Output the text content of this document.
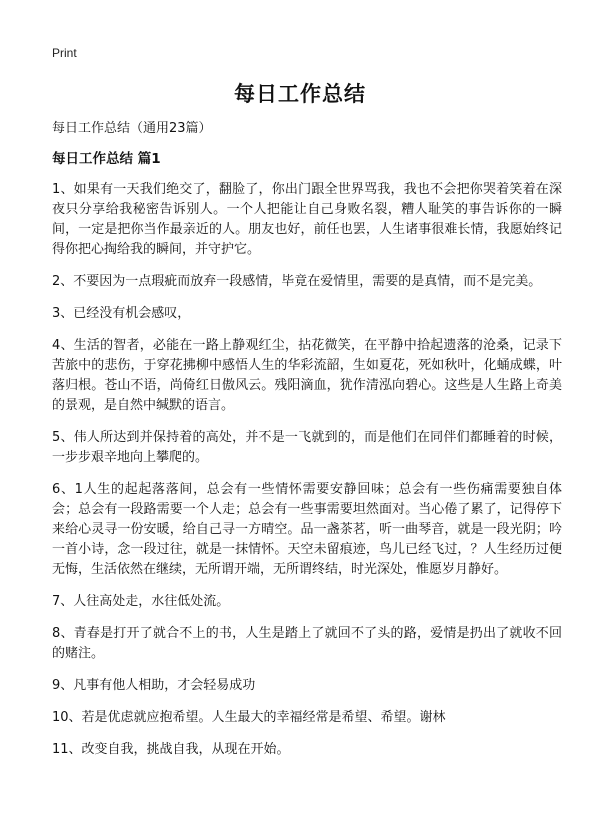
Print
每日工作总结
每日工作总结（通用23篇）
每日工作总结 篇1

1、如果有一天我们绝交了，翻脸了，你出门跟全世界骂我，我也不会把你哭着笑着在深夜只分享给我秘密告诉别人。一个人把能让自己身败名裂，糟人耻笑的事告诉你的一瞬间，一定是把你当作最亲近的人。朋友也好，前任也罢，人生诸事很难长情，我愿始终记得你把心掏给我的瞬间，并守护它。

2、不要因为一点瑕疵而放弃一段感情，毕竟在爱情里，需要的是真情，而不是完美。

3、已经没有机会感叹，

4、生活的智者，必能在一路上静观红尘，拈花微笑，在平静中拾起遗落的沧桑，记录下苦旅中的悲伤，于穿花拂柳中感悟人生的华彩流韶，生如夏花，死如秋叶，化蛹成蝶，叶落归根。苍山不语，尚倚红日傲风云。残阳滴血，犹作清泓向碧心。这些是人生路上奇美的景观，是自然中缄默的语言。

5、伟人所达到并保持着的高处，并不是一飞就到的，而是他们在同伴们都睡着的时候，一步步艰辛地向上攀爬的。

6、1人生的起起落落间，总会有一些情怀需要安静回味；总会有一些伤痛需要独自体会；总会有一段路需要一个人走；总会有一些事需要坦然面对。当心倦了累了，记得停下来给心灵寻一份安暖，给自己寻一方晴空。品一盏茶茗，听一曲琴音，就是一段光阴；吟一首小诗，念一段过往，就是一抹情怀。天空未留痕迹，鸟儿已经飞过，？人生经历过便无悔，生活依然在继续，无所谓开端，无所谓终结，时光深处，惟愿岁月静好。

7、人往高处走，水往低处流。

8、青春是打开了就合不上的书，人生是踏上了就回不了头的路，爱情是扔出了就收不回的赌注。

9、凡事有他人相助，才会轻易成功

10、若是优虑就应抱希望。人生最大的幸福经常是希望、希望。谢林

11、改变自我，挑战自我，从现在开始。
